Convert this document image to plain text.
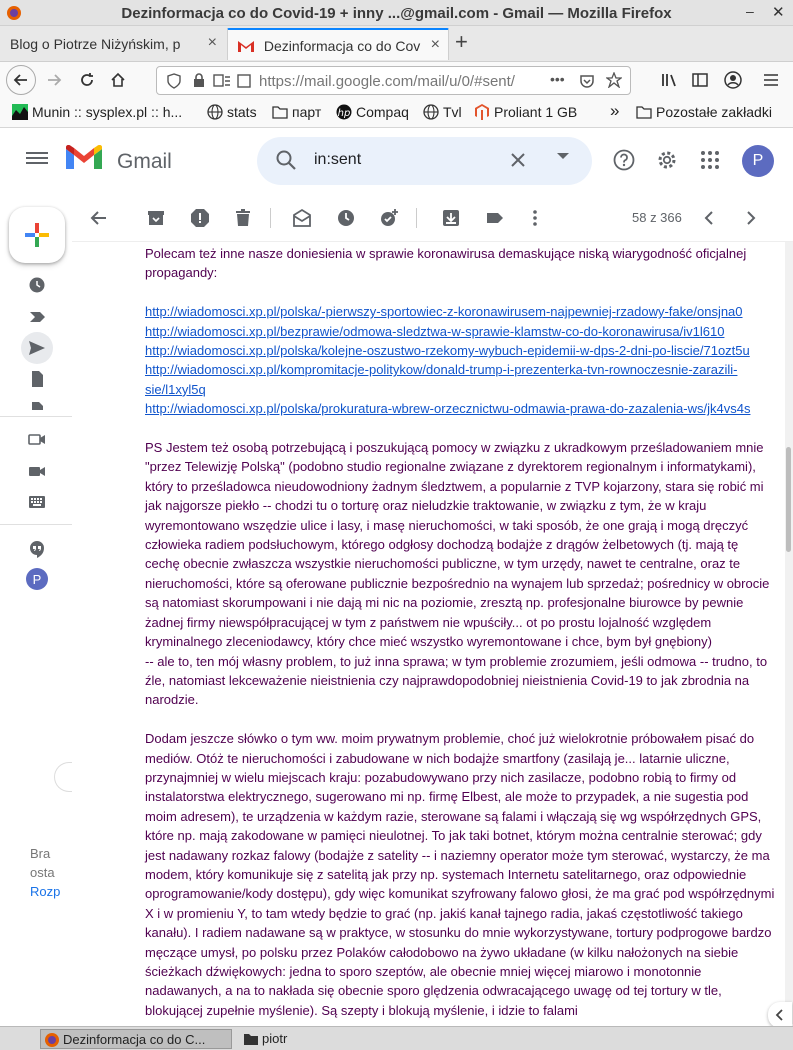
Dezinformacja co do Covid-19 + inny ...@gmail.com - Gmail — Mozilla Firefox	– ✕
Blog o Piotrze Niżyńskim, p ×	Dezinformacja co do Cov × +
https://mail.google.com/mail/u/0/#sent/	•••
Munin :: sysplex.pl :: h...	stats	парт hp Compaq	Tvl	Proliant 1 GB »	Pozostałe zakładki
Gmail	in:sent	P
P
Bra
osta
Rozp
58 z 366

Polecam też inne nasze doniesienia w sprawie koronawirusa demaskujące niską wiarygodność oficjalnej propagandy:

http://wiadomosci.xp.pl/polska/-pierwszy-sportowiec-z-koronawirusem-najpewniej-rzadowy-fake/onsjna0
http://wiadomosci.xp.pl/bezprawie/odmowa-sledztwa-w-sprawie-klamstw-co-do-koronawirusa/iv1l610
http://wiadomosci.xp.pl/polska/kolejne-oszustwo-rzekomy-wybuch-epidemii-w-dps-2-dni-po-liscie/71ozt5u
http://wiadomosci.xp.pl/kompromitacje-politykow/donald-trump-i-prezenterka-tvn-rownoczesnie-zarazili-sie/l1xyl5q
http://wiadomosci.xp.pl/polska/prokuratura-wbrew-orzecznictwu-odmawia-prawa-do-zazalenia-ws/jk4vs4s

PS Jestem też osobą potrzebującą i poszukującą pomocy w związku z ukradkowym prześladowaniem mnie "przez Telewizję Polską" (podobno studio regionalne związane z dyrektorem regionalnym i informatykami), który to prześladowca nieudowodniony żadnym śledztwem, a popularnie z TVP kojarzony, stara się robić mi jak najgorsze piekło -- chodzi tu o torturę oraz nieludzkie traktowanie, w związku z tym, że w kraju wyremontowano wszędzie ulice i lasy, i masę nieruchomości, w taki sposób, że one grają i mogą dręczyć człowieka radiem podsłuchowym, którego odgłosy dochodzą bodajże z drągów żelbetowych (tj. mają tę cechę obecnie zwłaszcza wszystkie nieruchomości publiczne, w tym urzędy, nawet te centralne, oraz te nieruchomości, które są oferowane publicznie bezpośrednio na wynajem lub sprzedaż; pośrednicy w obrocie są natomiast skorumpowani i nie dają mi nic na poziomie, zresztą np. profesjonalne biurowce by pewnie żadnej firmy niewspółpracującej w tym z państwem nie wpuściły... ot po prostu lojalność względem kryminalnego zleceniodawcy, który chce mieć wszystko wyremontowane i chce, bym był gnębiony)
-- ale to, ten mój własny problem, to już inna sprawa; w tym problemie zrozumiem, jeśli odmowa -- trudno, to źle, natomiast lekceważenie nieistnienia czy najprawdopodobniej nieistnienia Covid-19 to jak zbrodnia na narodzie.

Dodam jeszcze słówko o tym ww. moim prywatnym problemie, choć już wielokrotnie próbowałem pisać do mediów. Otóż te nieruchomości i zabudowane w nich bodajże smartfony (zasilają je... latarnie uliczne, przynajmniej w wielu miejscach kraju: pozabudowywano przy nich zasilacze, podobno robią to firmy od instalatorstwa elektrycznego, sugerowano mi np. firmę Elbest, ale może to przypadek, a nie sugestia pod moim adresem), te urządzenia w każdym razie, sterowane są falami i włączają się wg współrzędnych GPS, które np. mają zakodowane w pamięci nieulotnej. To jak taki botnet, którym można centralnie sterować; gdy jest nadawany rozkaz falowy (bodajże z satelity -- i naziemny operator może tym sterować, wystarczy, że ma modem, który komunikuje się z satelitą jak przy np. systemach Internetu satelitarnego, oraz odpowiednie oprogramowanie/kody dostępu), gdy więc komunikat szyfrowany falowo głosi, że ma grać pod współrzędnymi X i w promieniu Y, to tam wtedy będzie to grać (np. jakiś kanał tajnego radia, jakaś częstotliwość takiego kanału). I radiem nadawane są w praktyce, w stosunku do mnie wykorzystywane, tortury podprogowe bardzo męczące umysł, po polsku przez Polaków całodobowo na żywo układane (w kilku nałożonych na siebie ścieżkach dźwiękowych: jedna to sporo szeptów, ale obecnie mniej więcej miarowo i monotonnie nadawanych, a na to nakłada się obecnie sporo ględzenia odwracającego uwagę od tej tortury w tle, blokującej zupełnie myślenie). Są szepty i blokują myślenie, i idzie to falami

Dezinformacja co do C...	piotr
